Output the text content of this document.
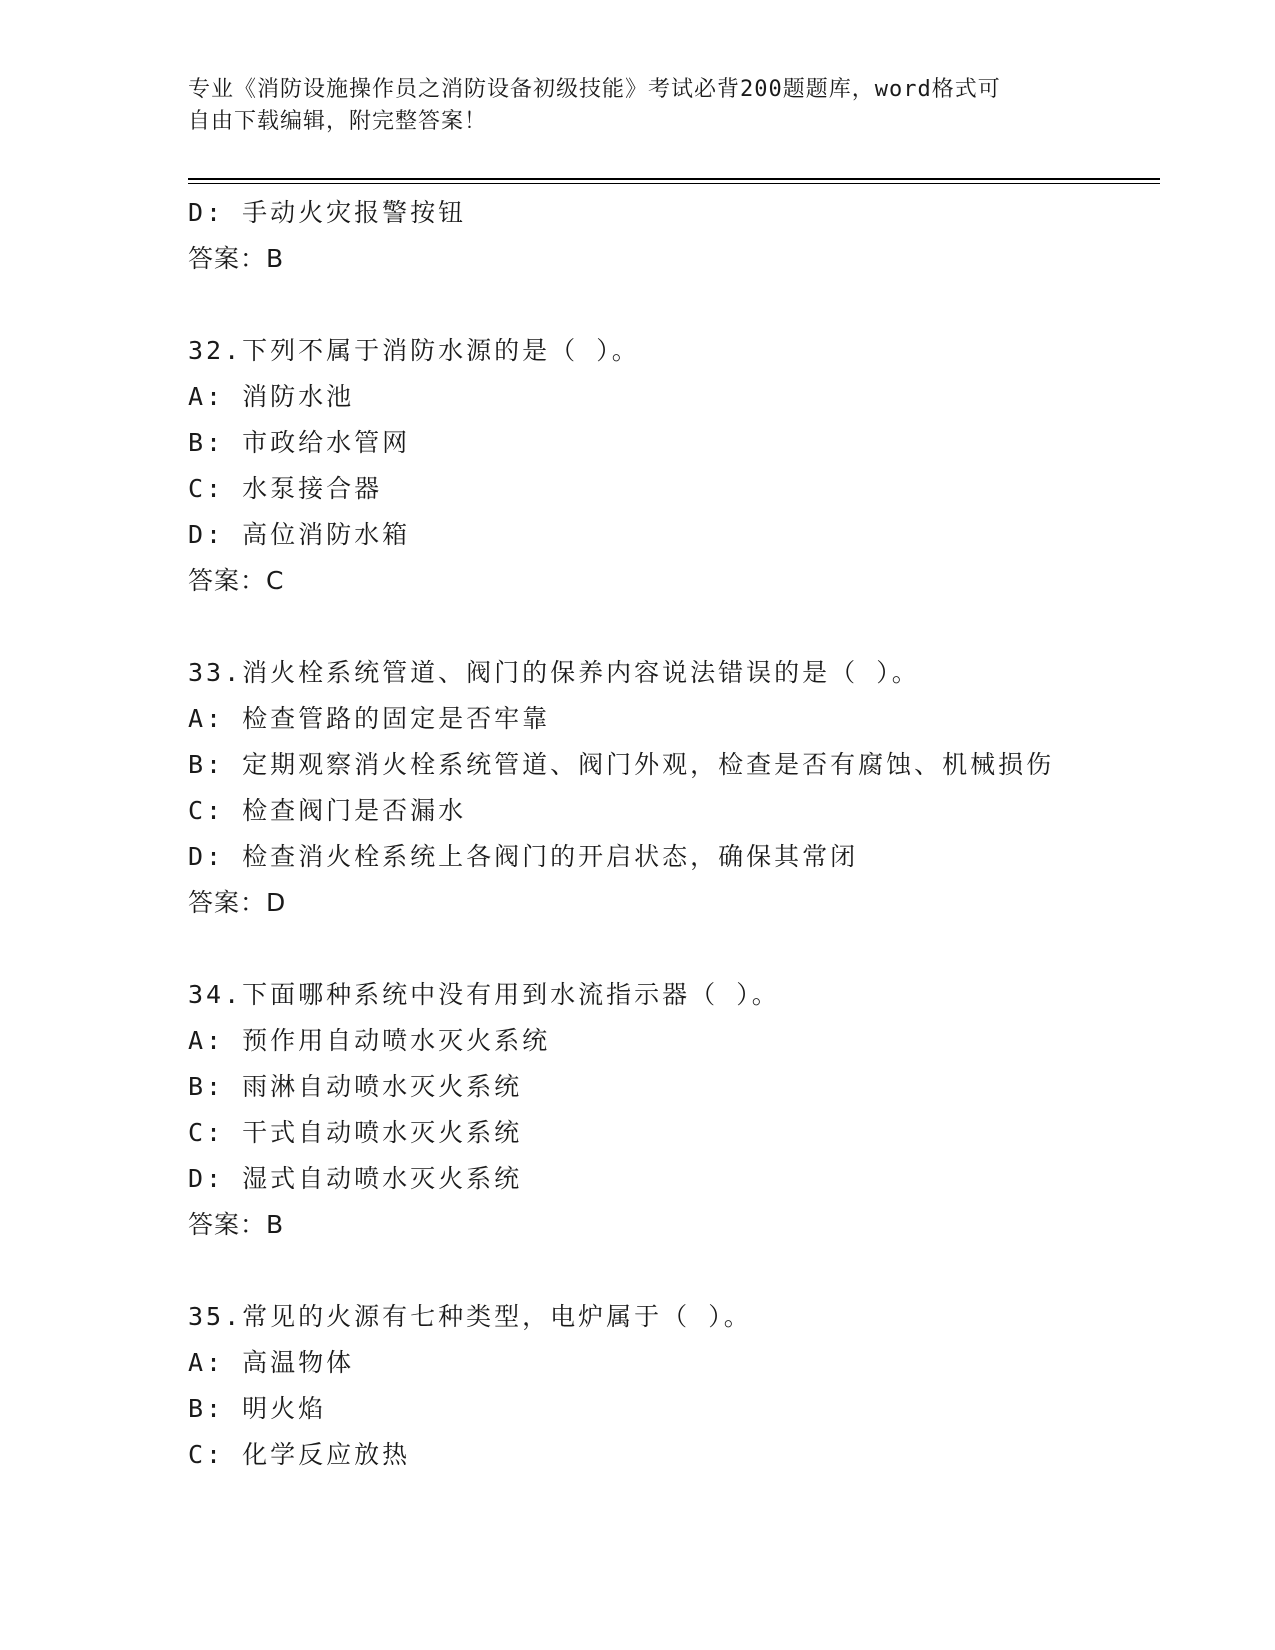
专业《消防设施操作员之消防设备初级技能》考试必背200题题库，word格式可
自由下载编辑，附完整答案！
D: 手动火灾报警按钮
答案：B
32.下列不属于消防水源的是（ ）。
A: 消防水池
B: 市政给水管网
C: 水泵接合器
D: 高位消防水箱
答案：C
33.消火栓系统管道、阀门的保养内容说法错误的是（ ）。
A: 检查管路的固定是否牢靠
B: 定期观察消火栓系统管道、阀门外观，检查是否有腐蚀、机械损伤
C: 检查阀门是否漏水
D: 检查消火栓系统上各阀门的开启状态，确保其常闭
答案：D
34.下面哪种系统中没有用到水流指示器（ ）。
A: 预作用自动喷水灭火系统
B: 雨淋自动喷水灭火系统
C: 干式自动喷水灭火系统
D: 湿式自动喷水灭火系统
答案：B
35.常见的火源有七种类型，电炉属于（ ）。
A: 高温物体
B: 明火焰
C: 化学反应放热
